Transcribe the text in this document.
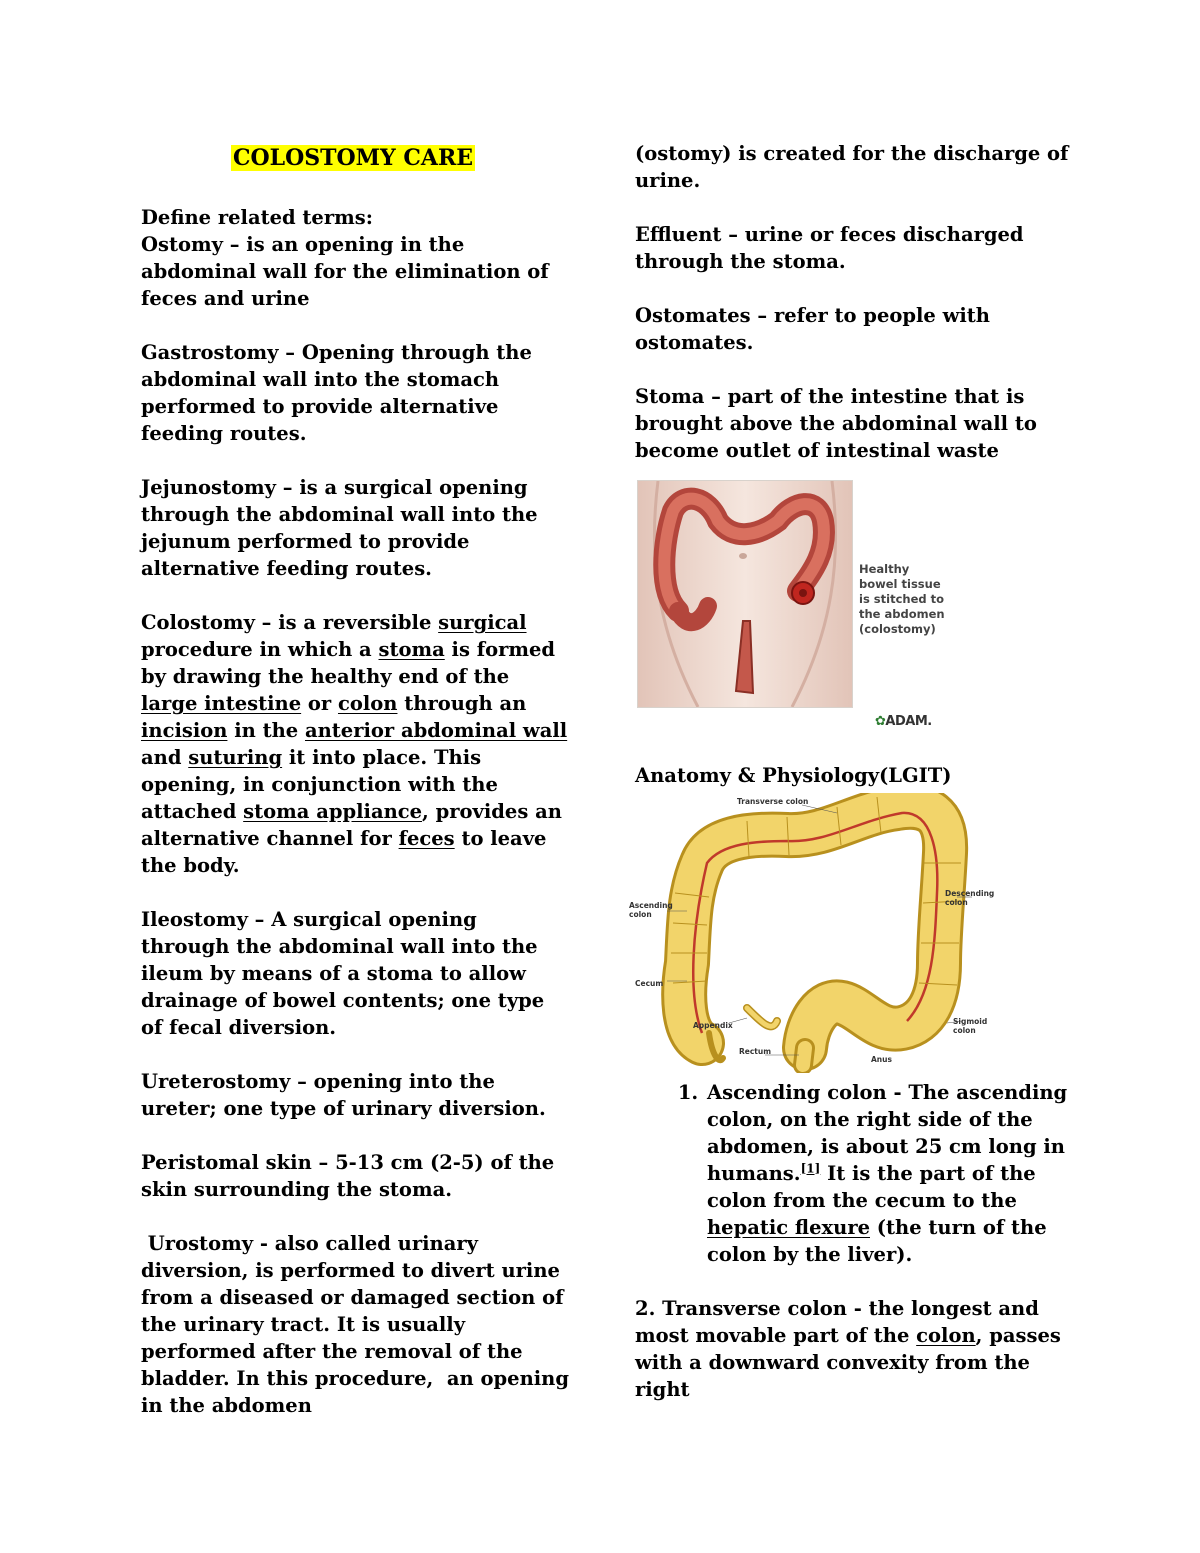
COLOSTOMY CARE
Define related terms:

Ostomy – is an opening in the abdominal wall for the elimination of feces and urine

Gastrostomy – Opening through the abdominal wall into the stomach performed to provide alternative feeding routes.

Jejunostomy – is a surgical opening through the abdominal wall into the jejunum performed to provide alternative feeding routes.

Colostomy – is a reversible surgical procedure in which a stoma is formed by drawing the healthy end of the large intestine or colon through an incision in the anterior abdominal wall and suturing it into place. This opening, in conjunction with the attached stoma appliance, provides an alternative channel for feces to leave the body.

Ileostomy – A surgical opening through the abdominal wall into the ileum by means of a stoma to allow drainage of bowel contents; one type of fecal diversion.

Ureterostomy – opening into the ureter; one type of urinary diversion.

Peristomal skin – 5-13 cm (2-5) of the skin surrounding the stoma.

Urostomy - also called urinary diversion, is performed to divert urine from a diseased or damaged section of the urinary tract. It is usually performed after the removal of the bladder. In this procedure,  an opening in the abdomen

(ostomy) is created for the discharge of urine.

Effluent – urine or feces discharged through the stoma.

Ostomates – refer to people with ostomates.

Stoma – part of the intestine that is brought above the abdominal wall to become outlet of intestinal waste

Healthy
bowel tissue
is stitched to
the abdomen
(colostomy)
✿ADAM.
Anatomy & Physiology(LGIT)
Transverse colon
Ascending colon
Descending colon
Cecum
Appendix
Rectum
Sigmoid colon
Anus
1. Ascending colon - The ascending colon, on the right side of the abdomen, is about 25 cm long in humans.[1] It is the part of the colon from the cecum to the hepatic flexure (the turn of the colon by the liver).

2. Transverse colon - the longest and most movable part of the colon, passes with a downward convexity from the right
